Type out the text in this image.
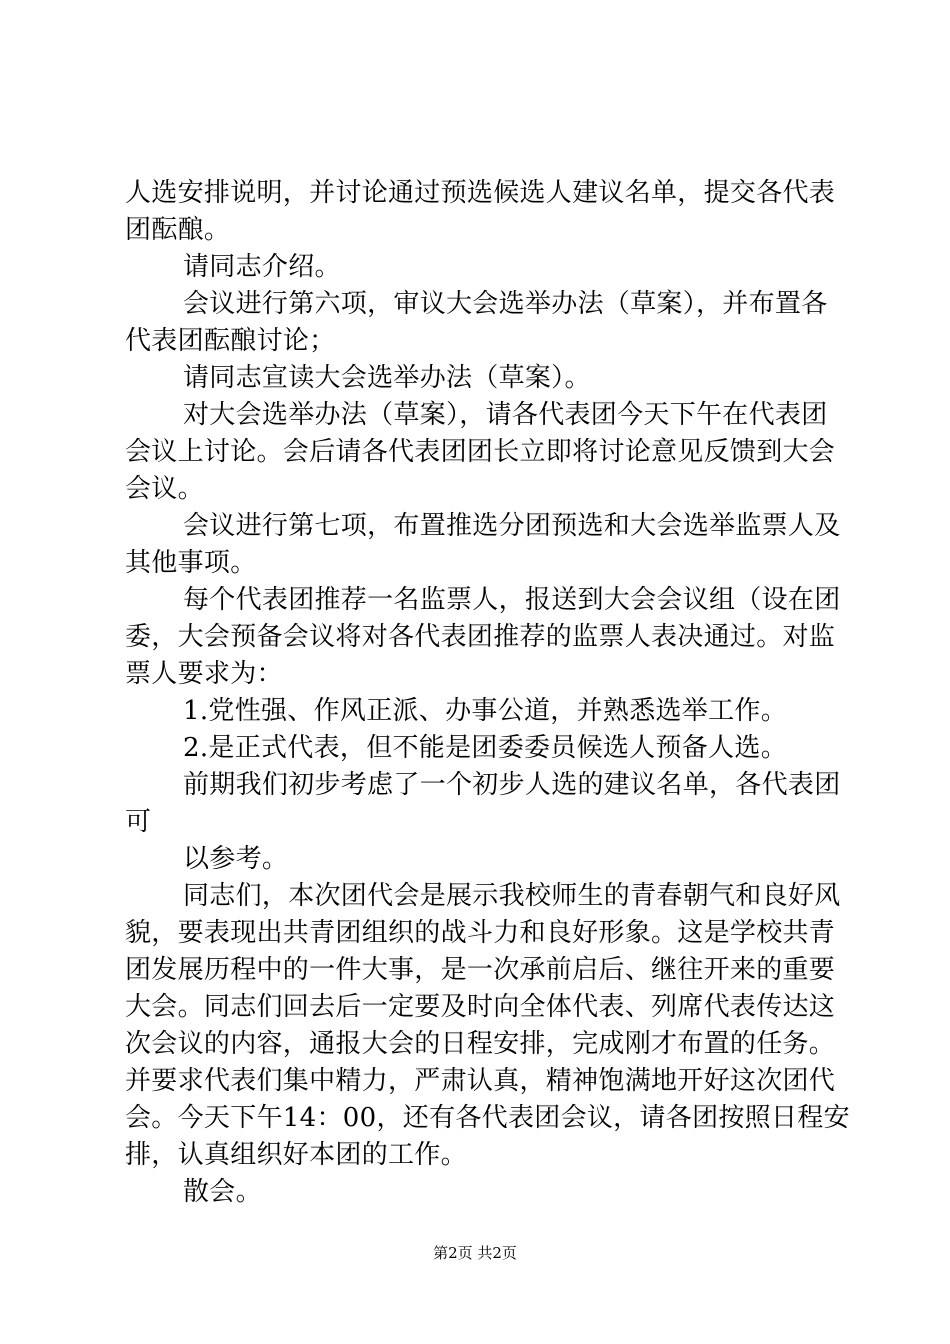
人选安排说明，并讨论通过预选候选人建议名单，提交各代表
团酝酿。
请同志介绍。
会议进行第六项，审议大会选举办法（草案），并布置各
代表团酝酿讨论；
请同志宣读大会选举办法（草案）。
对大会选举办法（草案），请各代表团今天下午在代表团
会议上讨论。会后请各代表团团长立即将讨论意见反馈到大会
会议。
会议进行第七项，布置推选分团预选和大会选举监票人及
其他事项。
每个代表团推荐一名监票人，报送到大会会议组（设在团
委，大会预备会议将对各代表团推荐的监票人表决通过。对监
票人要求为：
1.党性强、作风正派、办事公道，并熟悉选举工作。
2.是正式代表，但不能是团委委员候选人预备人选。
前期我们初步考虑了一个初步人选的建议名单，各代表团
可
以参考。
同志们，本次团代会是展示我校师生的青春朝气和良好风
貌，要表现出共青团组织的战斗力和良好形象。这是学校共青
团发展历程中的一件大事，是一次承前启后、继往开来的重要
大会。同志们回去后一定要及时向全体代表、列席代表传达这
次会议的内容，通报大会的日程安排，完成刚才布置的任务。
并要求代表们集中精力，严肃认真，精神饱满地开好这次团代
会。今天下午14：00，还有各代表团会议，请各团按照日程安
排，认真组织好本团的工作。
散会。
第2页 共2页
